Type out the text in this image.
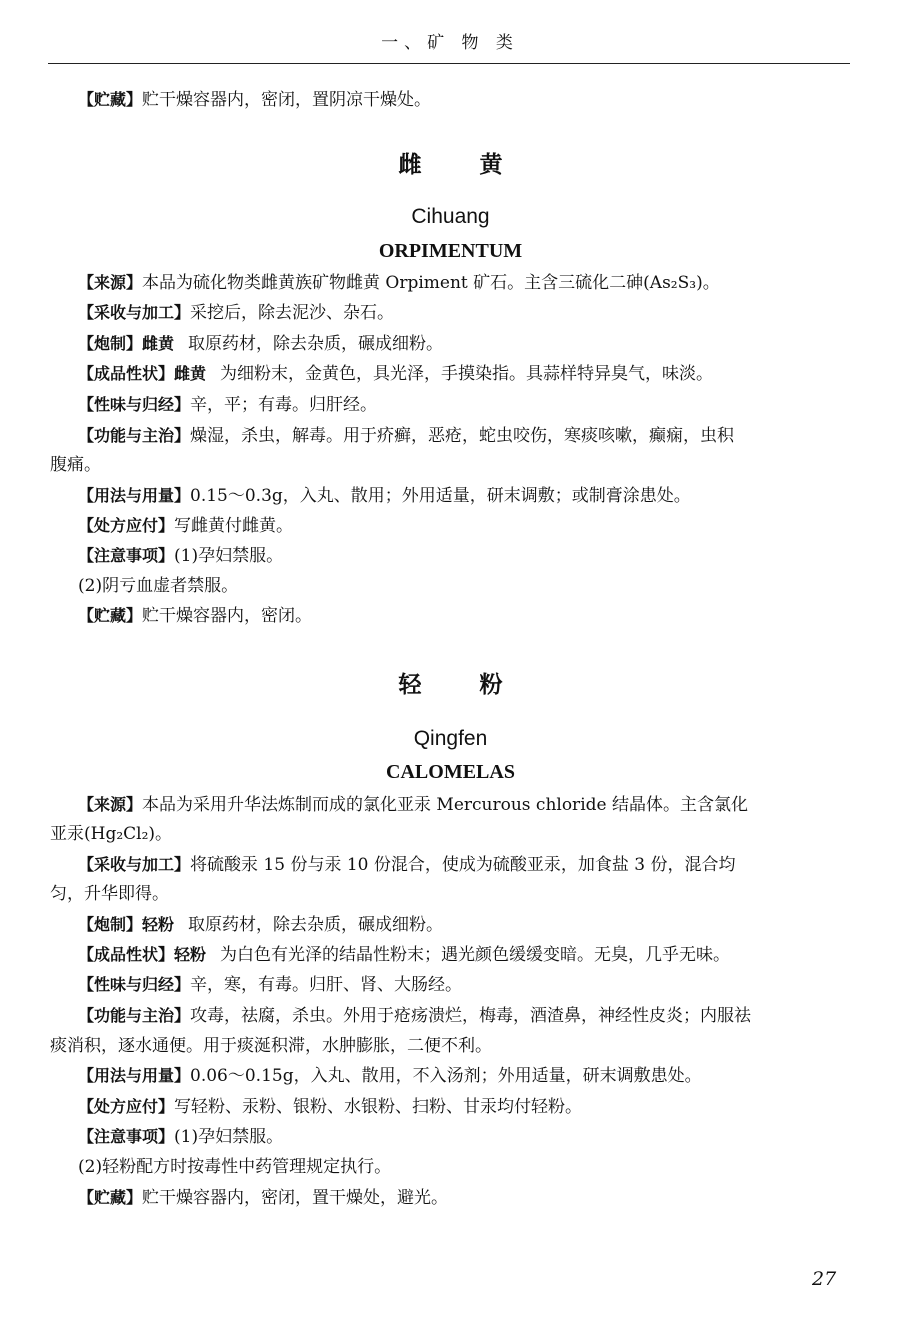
一、矿 物 类
【贮藏】贮干燥容器内，密闭，置阴凉干燥处。
雌黄
Cihuang
ORPIMENTUM
【来源】本品为硫化物类雌黄族矿物雌黄 Orpiment 矿石。主含三硫化二砷(As₂S₃)。
【采收与加工】采挖后，除去泥沙、杂石。
【炮制】雌黄 取原药材，除去杂质，碾成细粉。
【成品性状】雌黄 为细粉末，金黄色，具光泽，手摸染指。具蒜样特异臭气，味淡。
【性味与归经】辛，平；有毒。归肝经。
【功能与主治】燥湿，杀虫，解毒。用于疥癣，恶疮，蛇虫咬伤，寒痰咳嗽，癫痫，虫积
腹痛。
【用法与用量】0.15～0.3g，入丸、散用；外用适量，研末调敷；或制膏涂患处。
【处方应付】写雌黄付雌黄。
【注意事项】(1)孕妇禁服。
(2)阴亏血虚者禁服。
【贮藏】贮干燥容器内，密闭。
轻粉
Qingfen
CALOMELAS
【来源】本品为采用升华法炼制而成的氯化亚汞 Mercurous chloride 结晶体。主含氯化
亚汞(Hg₂Cl₂)。
【采收与加工】将硫酸汞 15 份与汞 10 份混合，使成为硫酸亚汞，加食盐 3 份，混合均
匀，升华即得。
【炮制】轻粉 取原药材，除去杂质，碾成细粉。
【成品性状】轻粉 为白色有光泽的结晶性粉末；遇光颜色缓缓变暗。无臭，几乎无味。
【性味与归经】辛，寒，有毒。归肝、肾、大肠经。
【功能与主治】攻毒，祛腐，杀虫。外用于疮疡溃烂，梅毒，酒渣鼻，神经性皮炎；内服祛
痰消积，逐水通便。用于痰涎积滞，水肿膨胀，二便不利。
【用法与用量】0.06～0.15g，入丸、散用，不入汤剂；外用适量，研末调敷患处。
【处方应付】写轻粉、汞粉、银粉、水银粉、扫粉、甘汞均付轻粉。
【注意事项】(1)孕妇禁服。
(2)轻粉配方时按毒性中药管理规定执行。
【贮藏】贮干燥容器内，密闭，置干燥处，避光。
27
